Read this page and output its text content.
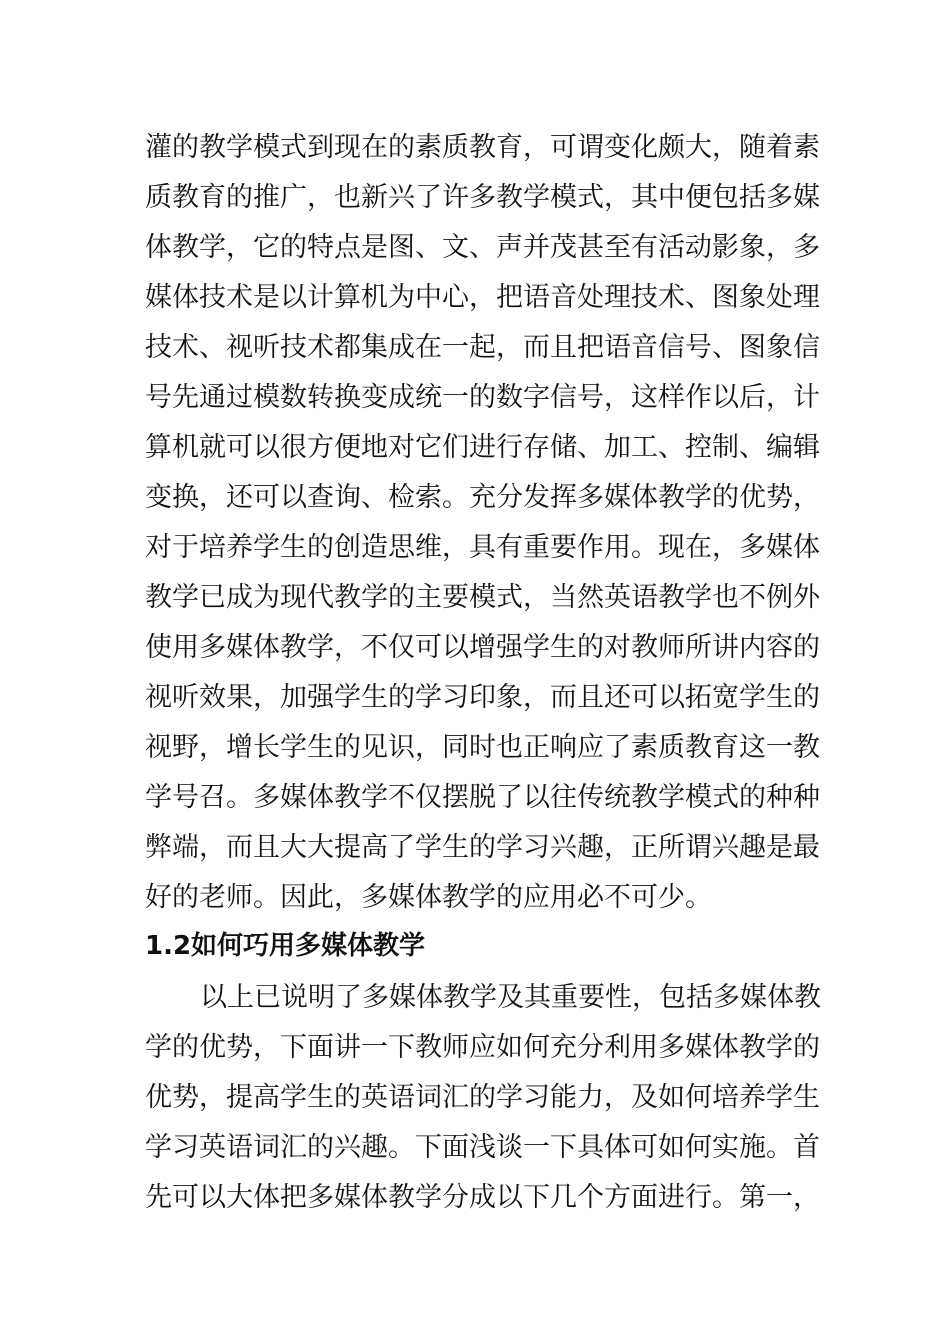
灌的教学模式到现在的素质教育，可谓变化颇大，随着素
质教育的推广，也新兴了许多教学模式，其中便包括多媒
体教学，它的特点是图、文、声并茂甚至有活动影象，多
媒体技术是以计算机为中心，把语音处理技术、图象处理
技术、视听技术都集成在一起，而且把语音信号、图象信
号先通过模数转换变成统一的数字信号，这样作以后，计
算机就可以很方便地对它们进行存储、加工、控制、编辑
变换，还可以查询、检索。充分发挥多媒体教学的优势，
对于培养学生的创造思维，具有重要作用。现在，多媒体
教学已成为现代教学的主要模式，当然英语教学也不例外
使用多媒体教学，不仅可以增强学生的对教师所讲内容的
视听效果，加强学生的学习印象，而且还可以拓宽学生的
视野，增长学生的见识，同时也正响应了素质教育这一教
学号召。多媒体教学不仅摆脱了以往传统教学模式的种种
弊端，而且大大提高了学生的学习兴趣，正所谓兴趣是最
好的老师。因此，多媒体教学的应用必不可少。
1.2如何巧用多媒体教学
以上已说明了多媒体教学及其重要性，包括多媒体教
学的优势，下面讲一下教师应如何充分利用多媒体教学的
优势，提高学生的英语词汇的学习能力，及如何培养学生
学习英语词汇的兴趣。下面浅谈一下具体可如何实施。首
先可以大体把多媒体教学分成以下几个方面进行。第一，
